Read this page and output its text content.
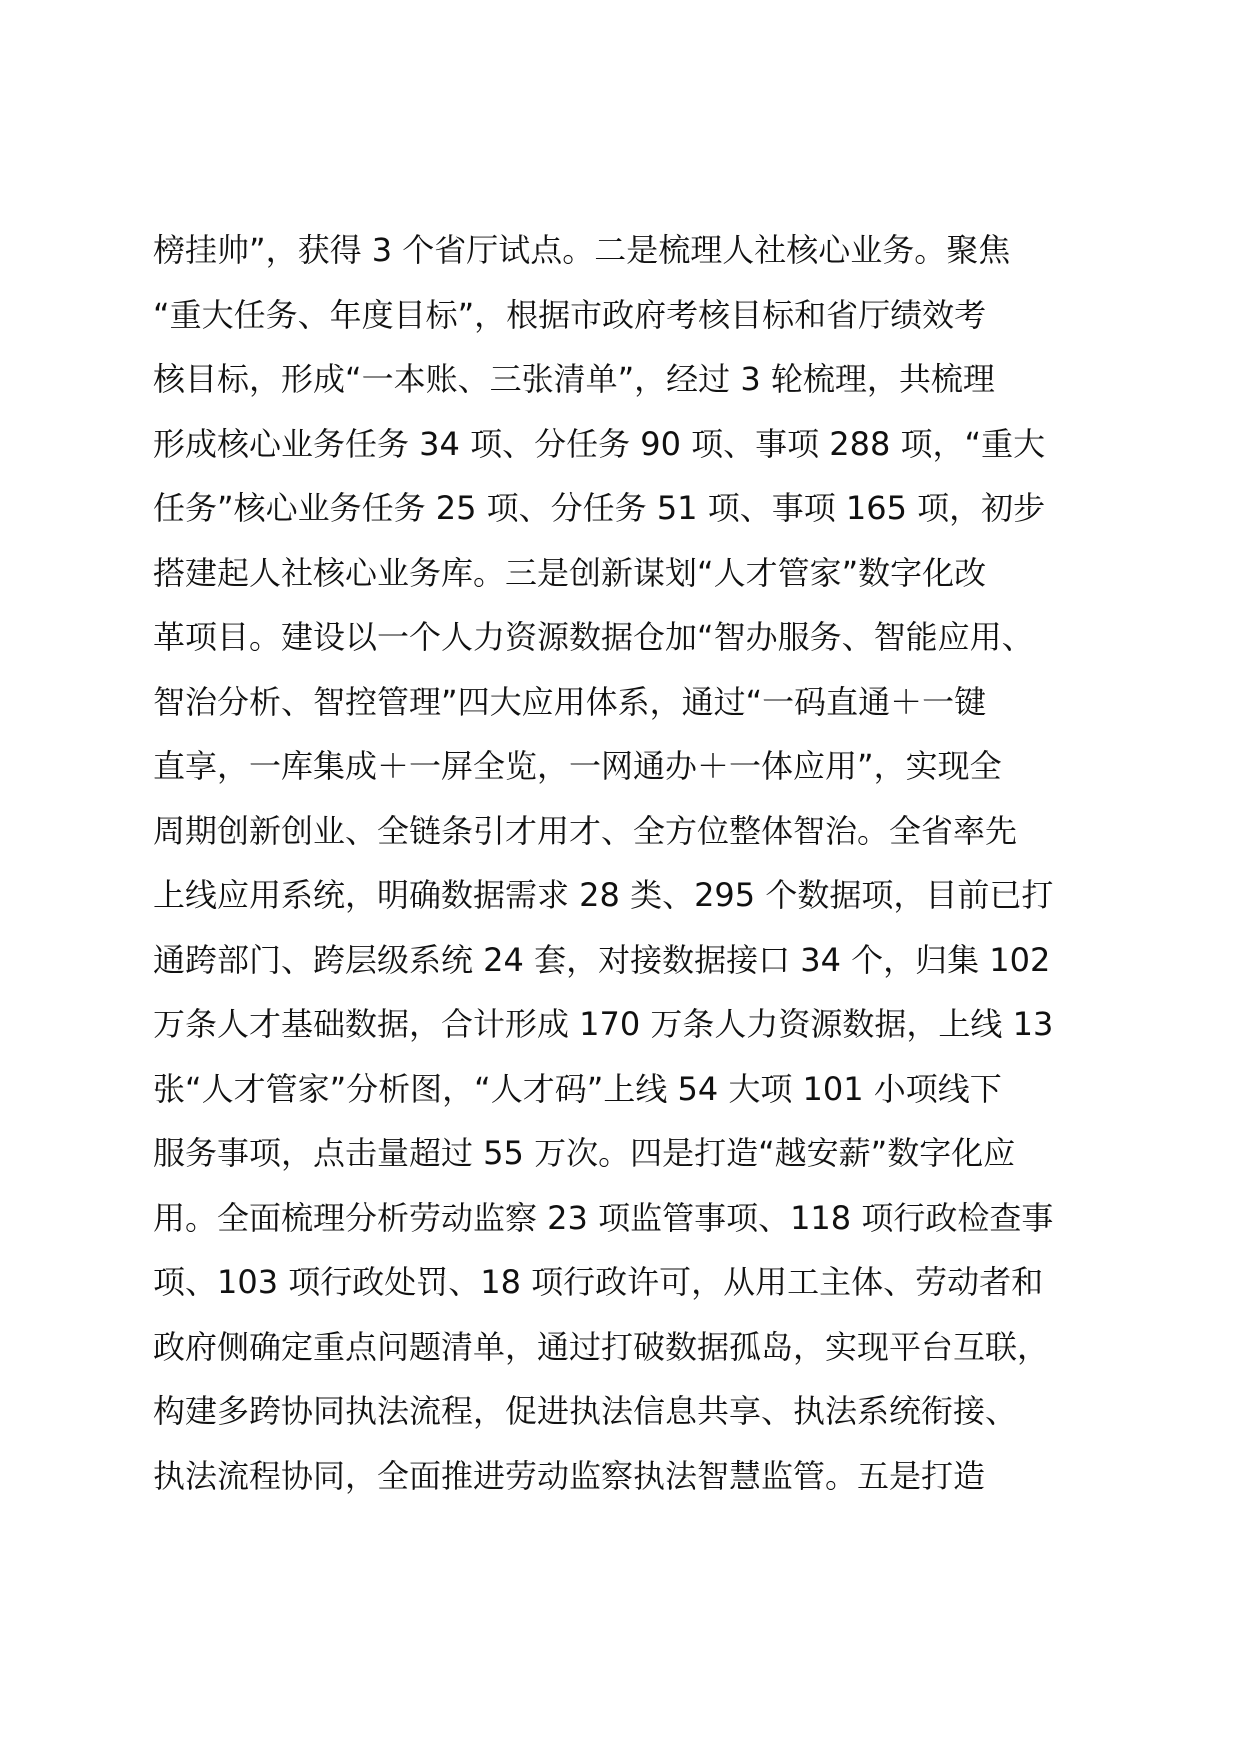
榜挂帅”，获得 3 个省厅试点。二是梳理人社核心业务。聚焦
“重大任务、年度目标”，根据市政府考核目标和省厅绩效考
核目标，形成“一本账、三张清单”，经过 3 轮梳理，共梳理
形成核心业务任务 34 项、分任务 90 项、事项 288 项，“重大
任务”核心业务任务 25 项、分任务 51 项、事项 165 项，初步
搭建起人社核心业务库。三是创新谋划“人才管家”数字化改
革项目。建设以一个人力资源数据仓加“智办服务、智能应用、
智治分析、智控管理”四大应用体系，通过“一码直通＋一键
直享，一库集成＋一屏全览，一网通办＋一体应用”，实现全
周期创新创业、全链条引才用才、全方位整体智治。全省率先
上线应用系统，明确数据需求 28 类、295 个数据项，目前已打
通跨部门、跨层级系统 24 套，对接数据接口 34 个，归集 102
万条人才基础数据，合计形成 170 万条人力资源数据，上线 13
张“人才管家”分析图，“人才码”上线 54 大项 101 小项线下
服务事项，点击量超过 55 万次。四是打造“越安薪”数字化应
用。全面梳理分析劳动监察 23 项监管事项、118 项行政检查事
项、103 项行政处罚、18 项行政许可，从用工主体、劳动者和
政府侧确定重点问题清单，通过打破数据孤岛，实现平台互联，
构建多跨协同执法流程，促进执法信息共享、执法系统衔接、
执法流程协同，全面推进劳动监察执法智慧监管。五是打造
